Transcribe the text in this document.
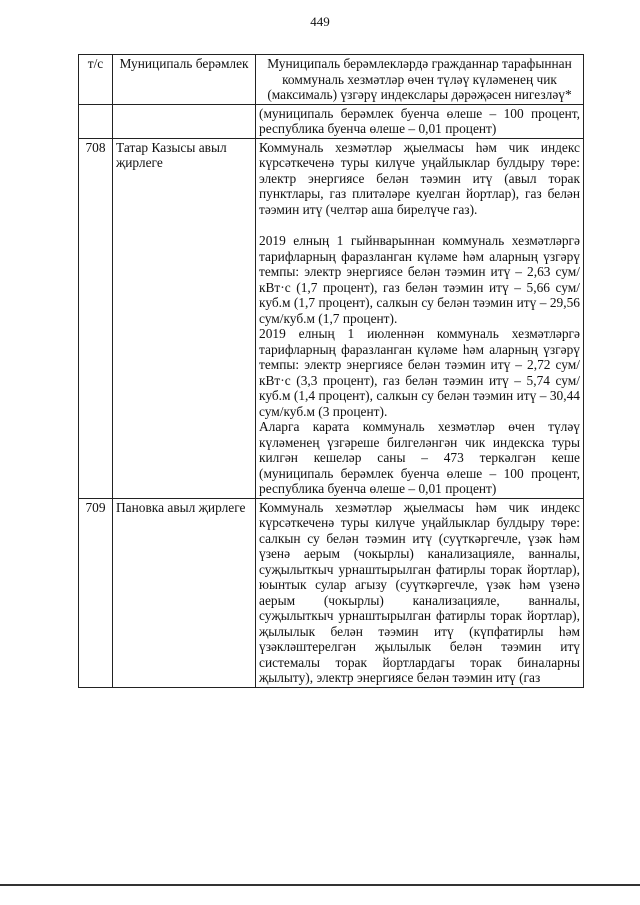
449
т/с	Муниципаль берәмлек	Муниципаль берәмлекләрдә гражданнар тарафыннан коммуналь хезмәтләр өчен түләү күләменең чик (максималь) үзгәрү индекслары дәрәҗәсен нигезләү*

		(муниципаль берәмлек буенча өлеше – 100 процент, республика буенча өлеше – 0,01 процент)

708	Татар Казысы авыл җирлеге	Коммуналь хезмәтләр җыелмасы һәм чик индекс күрсәткеченә туры килүче уңайлыклар булдыру төре: электр энергиясе белән тәэмин итү (авыл торак пунктлары, газ плитәләре куелган йортлар), газ белән тәэмин итү (челтәр аша бирелүче газ).

2019 елның 1 гыйнварыннан коммуналь хезмәтләргә тарифларның фаразланган күләме һәм аларның үзгәрү темпы: электр энергиясе белән тәэмин итү – 2,63 сум/кВт·с (1,7 процент), газ белән тәэмин итү – 5,66 сум/куб.м (1,7 процент), салкын су белән тәэмин итү – 29,56 сум/куб.м (1,7 процент).

2019 елның 1 июленнән коммуналь хезмәтләргә тарифларның фаразланган күләме һәм аларның үзгәрү темпы: электр энергиясе белән тәэмин итү – 2,72 сум/кВт·с (3,3 процент), газ белән тәэмин итү – 5,74 сум/куб.м (1,4 процент), салкын су белән тәэмин итү – 30,44 сум/куб.м (3 процент).

Аларга карата коммуналь хезмәтләр өчен түләү күләменең үзгәреше билгеләнгән чик индекска туры килгән кешеләр саны – 473 теркәлгән кеше (муниципаль берәмлек буенча өлеше – 100 процент, республика буенча өлеше – 0,01 процент)

709	Пановка авыл җирлеге	Коммуналь хезмәтләр җыелмасы һәм чик индекс күрсәткеченә туры килүче уңайлыклар булдыру төре: салкын су белән тәэмин итү (суүткәргечле, үзәк һәм үзенә аерым (чокырлы) канализацияле, ванналы, суҗылыткыч урнаштырылган фатирлы торак йортлар), юынтык сулар агызу (суүткәргечле, үзәк һәм үзенә аерым (чокырлы) канализацияле, ванналы, суҗылыткыч урнаштырылган фатирлы торак йортлар), җылылык белән тәэмин итү (күпфатирлы һәм үзәкләштерелгән җылылык белән тәэмин итү системалы торак йортлардагы торак биналарны җылыту), электр энергиясе белән тәэмин итү (газ
